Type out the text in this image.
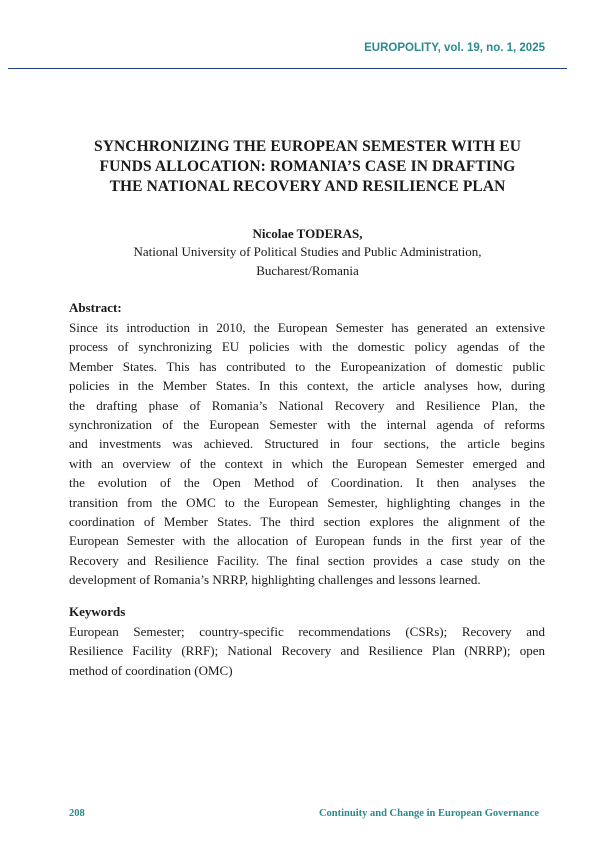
EUROPOLITY, vol. 19, no. 1, 2025
SYNCHRONIZING THE EUROPEAN SEMESTER WITH EU
FUNDS ALLOCATION: ROMANIA’S CASE IN DRAFTING
THE NATIONAL RECOVERY AND RESILIENCE PLAN
Nicolae TODERAS,
National University of Political Studies and Public Administration,
Bucharest/Romania
Abstract:
Since its introduction in 2010, the European Semester has generated an extensive
process of synchronizing EU policies with the domestic policy agendas of the
Member States. This has contributed to the Europeanization of domestic public
policies in the Member States. In this context, the article analyses how, during
the drafting phase of Romania’s National Recovery and Resilience Plan, the
synchronization of the European Semester with the internal agenda of reforms
and investments was achieved. Structured in four sections, the article begins
with an overview of the context in which the European Semester emerged and
the evolution of the Open Method of Coordination. It then analyses the
transition from the OMC to the European Semester, highlighting changes in the
coordination of Member States. The third section explores the alignment of the
European Semester with the allocation of European funds in the first year of the
Recovery and Resilience Facility. The final section provides a case study on the
development of Romania’s NRRP, highlighting challenges and lessons learned.
Keywords
European Semester; country-specific recommendations (CSRs); Recovery and
Resilience Facility (RRF); National Recovery and Resilience Plan (NRRP); open
method of coordination (OMC)
208	Continuity and Change in European Governance
